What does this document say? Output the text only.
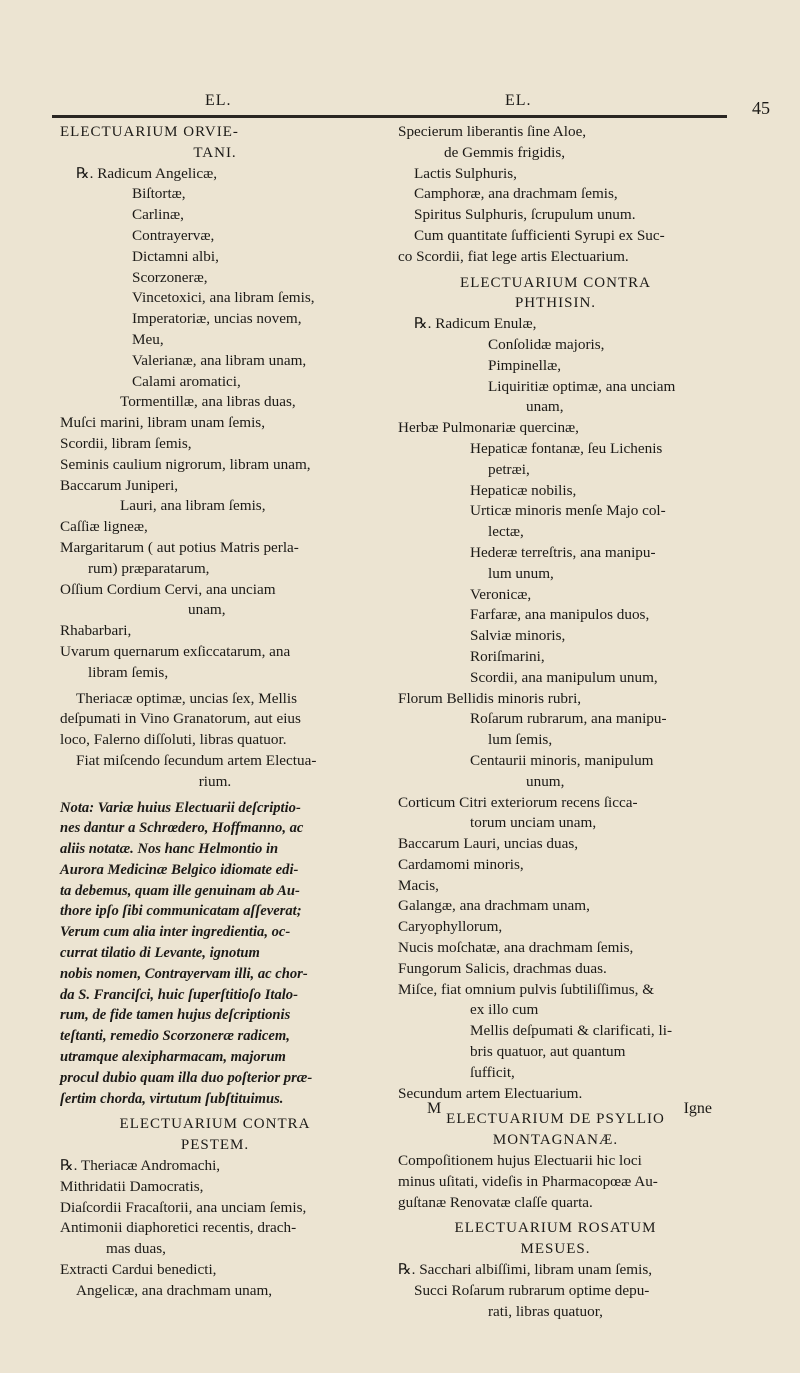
EL.	EL.	45
ELECTUARIUM ORVIE-
TANI.
℞. Radicum Angelicæ,
Biſtortæ,
Carlinæ,
Contrayervæ,
Dictamni albi,
Scorzoneræ,
Vincetoxici, ana libram ſemis,
Imperatoriæ, uncias novem,
Meu,
Valerianæ, ana libram unam,
Calami aromatici,
Tormentillæ, ana libras duas,
Muſci marini, libram unam ſemis,
Scordii, libram ſemis,
Seminis caulium nigrorum, libram unam,
Baccarum Juniperi,
Lauri, ana libram ſemis,
Caſſiæ ligneæ,
Margaritarum ( aut potius Matris perla-
rum) præparatarum,
Oſſium Cordium Cervi, ana unciam
unam,
Rhabarbari,
Uvarum quernarum exſiccatarum, ana
libram ſemis,
Theriacæ optimæ, uncias ſex, Mellis
deſpumati in Vino Granatorum, aut eius
loco, Falerno diſſoluti, libras quatuor.
Fiat miſcendo ſecundum artem Electua-
rium.
Nota: Variæ huius Electuarii deſcriptio-
nes dantur a Schrœdero, Hoffmanno, ac
aliis notatæ. Nos hanc Helmontio in
Aurora Medicinæ Belgico idiomate edi-
ta debemus, quam ille genuinam ab Au-
thore ipſo ſibi communicatam aſſeverat;
Verum cum alia inter ingredientia, oc-
currat tilatio di Levante, ignotum
nobis nomen, Contrayervam illi, ac chor-
da S. Franciſci, huic ſuperſtitioſo Italo-
rum, de fide tamen hujus deſcriptionis
teſtanti, remedio Scorzoneræ radicem,
utramque alexipharmacam, majorum
procul dubio quam illa duo poſterior præ-
ſertim chorda, virtutum ſubſtituimus.
ELECTUARIUM CONTRA
PESTEM.
℞. Theriacæ Andromachi,
Mithridatii Damocratis,
Diaſcordii Fracaſtorii, ana unciam ſemis,
Antimonii diaphoretici recentis, drach-
mas duas,
Extracti Cardui benedicti,
Angelicæ, ana drachmam unam,
Specierum liberantis ſine Aloe,
de Gemmis frigidis,
Lactis Sulphuris,
Camphoræ, ana drachmam ſemis,
Spiritus Sulphuris, ſcrupulum unum.
Cum quantitate ſufficienti Syrupi ex Suc-
co Scordii, fiat lege artis Electuarium.
ELECTUARIUM CONTRA
PHTHISIN.
℞. Radicum Enulæ,
Conſolidæ majoris,
Pimpinellæ,
Liquiritiæ optimæ, ana unciam
unam,
Herbæ Pulmonariæ quercinæ,
Hepaticæ fontanæ, ſeu Lichenis
petræi,
Hepaticæ nobilis,
Urticæ minoris menſe Majo col-
lectæ,
Hederæ terreſtris, ana manipu-
lum unum,
Veronicæ,
Farfaræ, ana manipulos duos,
Salviæ minoris,
Roriſmarini,
Scordii, ana manipulum unum,
Florum Bellidis minoris rubri,
Roſarum rubrarum, ana manipu-
lum ſemis,
Centaurii minoris, manipulum
unum,
Corticum Citri exteriorum recens ſicca-
torum unciam unam,
Baccarum Lauri, uncias duas,
Cardamomi minoris,
Macis,
Galangæ, ana drachmam unam,
Caryophyllorum,
Nucis moſchatæ, ana drachmam ſemis,
Fungorum Salicis, drachmas duas.
Miſce, fiat omnium pulvis ſubtiliſſimus, &
ex illo cum
Mellis deſpumati & clarificati, li-
bris quatuor, aut quantum
ſufficit,
Secundum artem Electuarium.
ELECTUARIUM DE PSYLLIO
MONTAGNANÆ.
Compoſitionem hujus Electuarii hic loci
minus uſitati, videſis in Pharmacopœæ Au-
guſtanæ Renovatæ claſſe quarta.
ELECTUARIUM ROSATUM
MESUES.
℞. Sacchari albiſſimi, libram unam ſemis,
Succi Roſarum rubrarum optime depu-
rati, libras quatuor,
M	Igne
